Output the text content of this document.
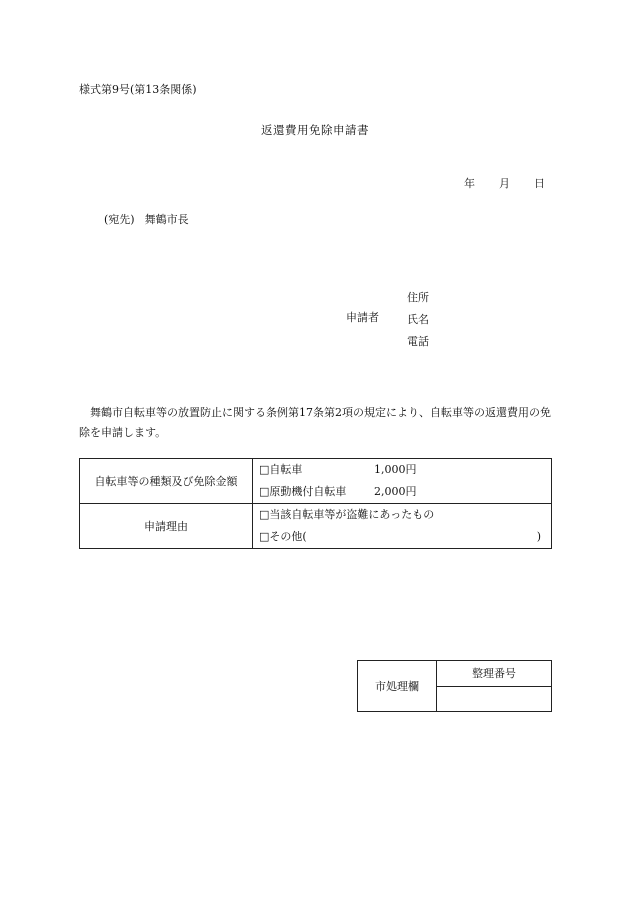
様式第9号(第13条関係)
返還費用免除申請書
年 月 日
(宛先) 舞鶴市長
申請者
住所
氏名
電話
舞鶴市自転車等の放置防止に関する条例第17条第2項の規定により、自転車等の返還費用の免除を申請します。
自転車等の種類及び免除金額	□自転車 1,000円
□原動機付自転車 2,000円

申請理由	□当該自転車等が盗難にあったもの
□その他( )
市処理欄	整理番号
